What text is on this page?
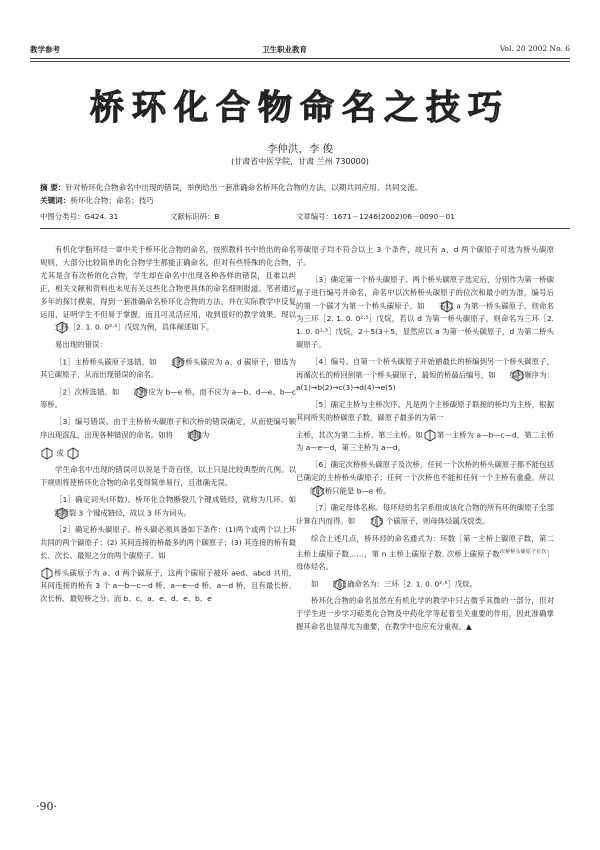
教学参考	卫生职业教育	Vol. 20 2002 No. 6
桥环化合物命名之技巧
李仲洪，李 俊
(甘肃省中医学院，甘肃 兰州 730000)
摘 要：针对桥环化合物命名中出现的错误，举例给出一套准确命名桥环化合物的方法，以期共同应用、共同交流。
关键词：桥环化合物；命名；技巧
中图分类号：G424. 31	文献标识码：B	文章编号：1671－1246(2002)06－0090－01

有机化学脂环烃一章中关于桥环化合物的命名，按照教科书中给出的命名规则，大部分比较简单的化合物学生都能正确命名，但对有些特殊的化合物，尤其是含有次桥的化合物，学生却在命名中出现各种各样的错误，且难以纠正，相关文献和资料也未见有关这些化合物更具体的命名细则报道。笔者通过多年的探讨摸索，得到一套准确命名桥环化合物的方法，并在实际教学中反复运用，证明学生不但易于掌握，而且可灵活应用，收到很好的教学效果。现以三环［2. 1. 0. 0²·⁵］戊烷为例，具体阐述如下。

易出现的错误：

［1］主桥桥头碳原子选错。如 主桥桥头碳应为 a、d 碳原子，错选为其它碳原子，从而出现错误的命名。

［2］次桥选错。如 次桥应为 b—e 桥，而不应为 a—b、d—e、b—c 等桥。

［3］编号错误。由于主桥桥头碳原子和次桥的错误确定，从而使编号顺序出现混乱，出现各种错误的命名。如将 错编为

或

学生命名中出现的错误可以说是千奇百怪，以上只是比较典型的几例。以下规则将使桥环化合物的命名变得简单易行，且准确无误。

［1］确定词头(环数)。桥环化合物断裂几个键成链烃，就称为几环。如需断裂 3 个键成链烃，故以 3 环为词头。

［2］确定桥头碳原子。桥头碳必须具备如下条件：(1)两个或两个以上环共同的两个碳原子；(2) 其间连接的桥最多的两个碳原子；(3) 其连接的桥有最长、次长、最短之分的两个碳原子。如

桥头碳原子为 a、d 两个碳原子，这两个碳原子被环 aed、abcd 共用，其间连接的桥有 3 个 a—b—c—d 桥、a—e—d 桥、a—d 桥，且有最长桥、次长桥、最短桥之分。而 b、c、a、e、d、e、b、e

等碳原子均不符合以上 3 个条件，故只有 a、d 两个碳原子可选为桥头碳原子。

［3］确定第一个桥头碳原子。两个桥头碳原子选定后，分别作为第一桥碳原子进行编号并命名，命名中以次桥桥头碳原子的位次和最小的为准，编号后的第一个碳才为第一个桥头碳原子。如 若以 a 为第一桥头碳原子，则命名为三环［2. 1. 0. 0²·⁵］戊烷，若以 d 为第一桥头碳原子，则命名为三环［2. 1. 0. 0¹·³］戊烷，2＋5(3＋5，显然应以 a 为第一桥头碳原子，d 为第二桥头碳原子。

［4］编号。自第一个桥头碳原子开始循最长的桥编到另一个桥头碳原子，再循次长的桥回到第一个桥头碳原子，最短的桥最后编号，如 编号顺序为：a(1)→b(2)→c(3)→d(4)→e(5)

［5］确定主桥与主桥次序。凡是两个主桥碳原子联接的桥均为主桥，根据其间所夹的桥碳原子数，碳原子最多的为第一

主桥，其次为第二主桥、第三主桥。如 第一主桥为 a—b—c—d，第二主桥为 a—e—d，第三主桥为 a—d。

［6］确定次桥桥头碳原子及次桥。任何一个次桥的桥头碳原子都不能包括已确定的主桥桥头碳原子；任何一个次桥也不能和任何一个主桥有重叠。所以的次桥只能是 b—e 桥。

［7］确定母体名称。每环烃的名字系组成该化合物的所有环的碳原子全部计算在内而得。如 为 5 个碳原子，则母体烃属戊烷类。

综合上述几点，桥环烃的命名通式为：环数［第一主桥上碳原子数，第二主桥上碳原子数……，第 n 主桥上碳原子数. 次桥上碳原子数$^{次桥桥头碳原子位次}$］母体烃名。

如 的正确命名为：三环［2. 1. 0. 0²·⁵］戊烷。

桥环化合物的命名虽然在有机化学的教学中只占微乎其微的一部分，但对于学生进一步学习萜类化合物及中药化学等起着至关重要的作用，因此准确掌握其命名也显得尤为重要，在教学中也应充分重视。▲

·90·
